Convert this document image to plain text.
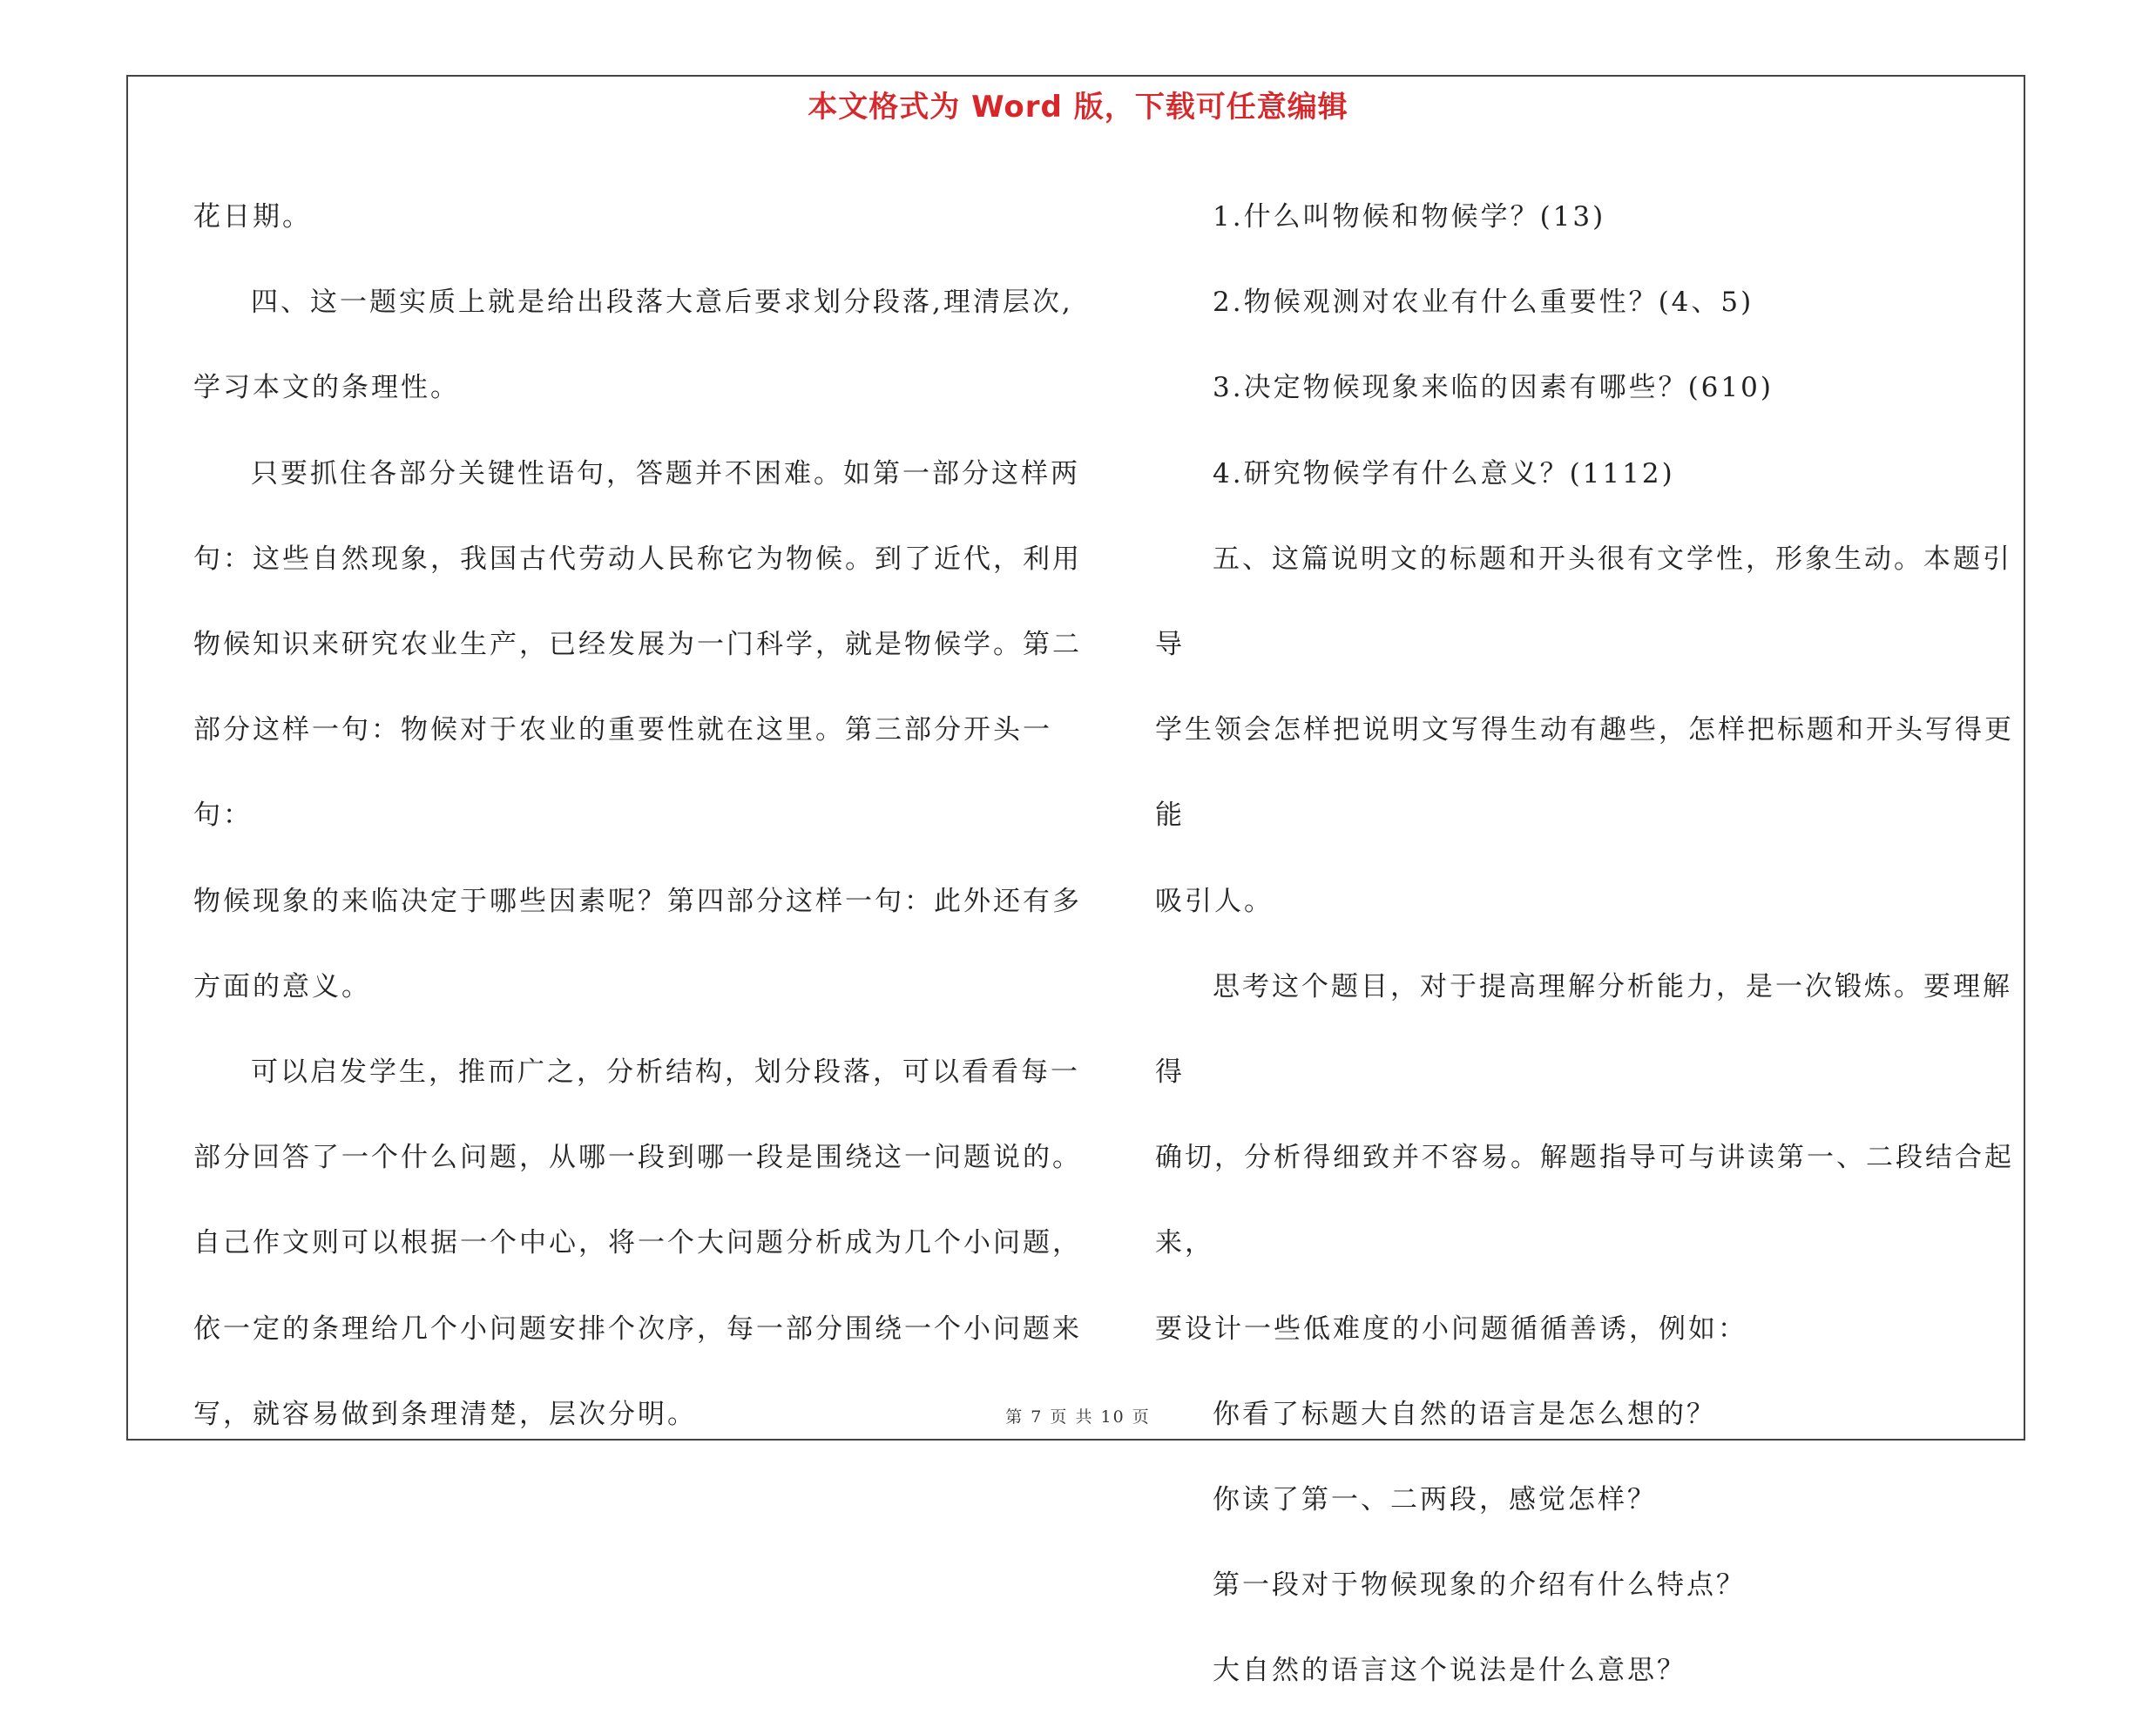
本文格式为 Word 版，下载可任意编辑

花日期。

四、这一题实质上就是给出段落大意后要求划分段落,理清层次,

学习本文的条理性。

只要抓住各部分关键性语句，答题并不困难。如第一部分这样两

句：这些自然现象，我国古代劳动人民称它为物候。到了近代，利用

物候知识来研究农业生产，已经发展为一门科学，就是物候学。第二

部分这样一句：物候对于农业的重要性就在这里。第三部分开头一句：

物候现象的来临决定于哪些因素呢？第四部分这样一句：此外还有多

方面的意义。

可以启发学生，推而广之，分析结构，划分段落，可以看看每一

部分回答了一个什么问题，从哪一段到哪一段是围绕这一问题说的。

自己作文则可以根据一个中心，将一个大问题分析成为几个小问题，

依一定的条理给几个小问题安排个次序，每一部分围绕一个小问题来

写，就容易做到条理清楚，层次分明。

1.什么叫物候和物候学？(13)

2.物候观测对农业有什么重要性？(4、5)

3.决定物候现象来临的因素有哪些？(610)

4.研究物候学有什么意义？(1112)

五、这篇说明文的标题和开头很有文学性，形象生动。本题引导

学生领会怎样把说明文写得生动有趣些，怎样把标题和开头写得更能

吸引人。

思考这个题目，对于提高理解分析能力，是一次锻炼。要理解得

确切，分析得细致并不容易。解题指导可与讲读第一、二段结合起来，

要设计一些低难度的小问题循循善诱，例如：

你看了标题大自然的语言是怎么想的？

你读了第一、二两段，感觉怎样？

第一段对于物候现象的介绍有什么特点？

大自然的语言这个说法是什么意思？

第 7 页 共 10 页
